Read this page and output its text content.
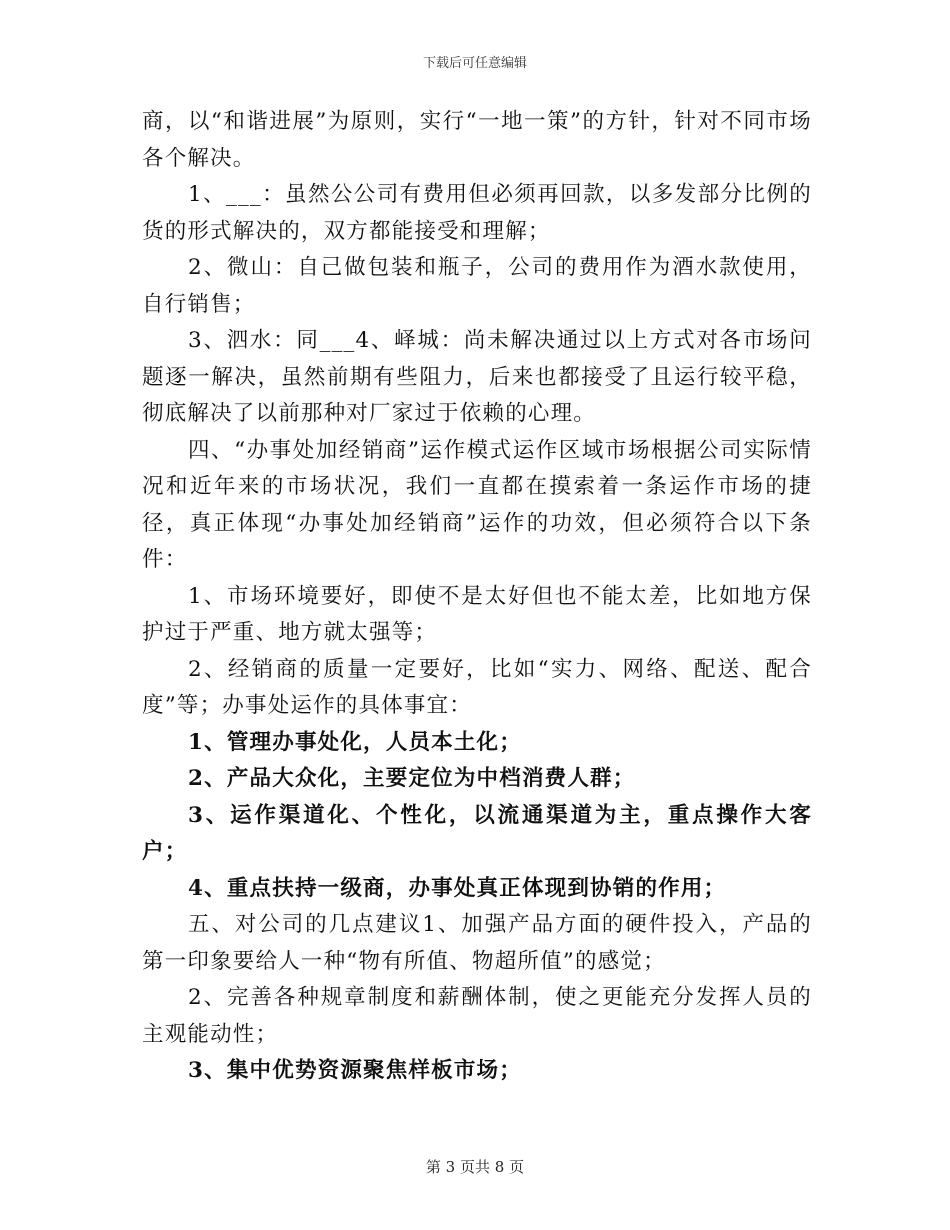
下载后可任意编辑

商，以“和谐进展”为原则，实行“一地一策”的方针，针对不同市场各个解决。

1、___：虽然公公司有费用但必须再回款，以多发部分比例的货的形式解决的，双方都能接受和理解；

2、微山：自己做包装和瓶子，公司的费用作为酒水款使用，自行销售；

3、泗水：同___4、峄城：尚未解决通过以上方式对各市场问题逐一解决，虽然前期有些阻力，后来也都接受了且运行较平稳，彻底解决了以前那种对厂家过于依赖的心理。

四、“办事处加经销商”运作模式运作区域市场根据公司实际情况和近年来的市场状况，我们一直都在摸索着一条运作市场的捷径，真正体现“办事处加经销商”运作的功效，但必须符合以下条件：

1、市场环境要好，即使不是太好但也不能太差，比如地方保护过于严重、地方就太强等；

2、经销商的质量一定要好，比如“实力、网络、配送、配合度”等；办事处运作的具体事宜：

1、管理办事处化，人员本土化；

2、产品大众化，主要定位为中档消费人群；

3、运作渠道化、个性化，以流通渠道为主，重点操作大客户；

4、重点扶持一级商，办事处真正体现到协销的作用；

五、对公司的几点建议1、加强产品方面的硬件投入，产品的第一印象要给人一种“物有所值、物超所值”的感觉；

2、完善各种规章制度和薪酬体制，使之更能充分发挥人员的主观能动性；

3、集中优势资源聚焦样板市场；

第 3 页共 8 页
